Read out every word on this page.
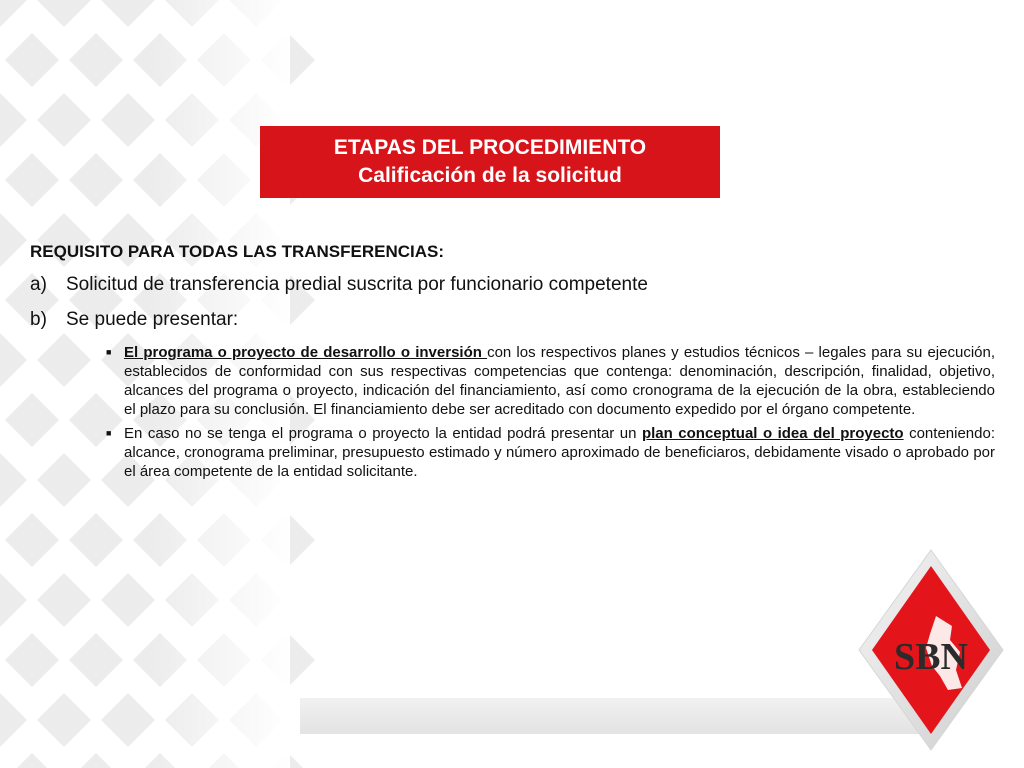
ETAPAS DEL PROCEDIMIENTO
Calificación de la solicitud
REQUISITO PARA TODAS LAS TRANSFERENCIAS:
a)	Solicitud de transferencia predial suscrita por funcionario competente
b)	Se puede presentar:
■ El programa o proyecto de desarrollo o inversión con los respectivos planes y estudios técnicos – legales para su ejecución, establecidos de conformidad con sus respectivas competencias que contenga: denominación, descripción, finalidad, objetivo, alcances del programa o proyecto, indicación del financiamiento, así como cronograma de la ejecución de la obra, estableciendo el plazo para su conclusión. El financiamiento debe ser acreditado con documento expedido por el órgano competente.
■ En caso no se tenga el programa o proyecto la entidad podrá presentar un plan conceptual o idea del proyecto conteniendo: alcance, cronograma preliminar, presupuesto estimado y número aproximado de beneficiaros, debidamente visado o aprobado por el área competente de la entidad solicitante.
SBN
